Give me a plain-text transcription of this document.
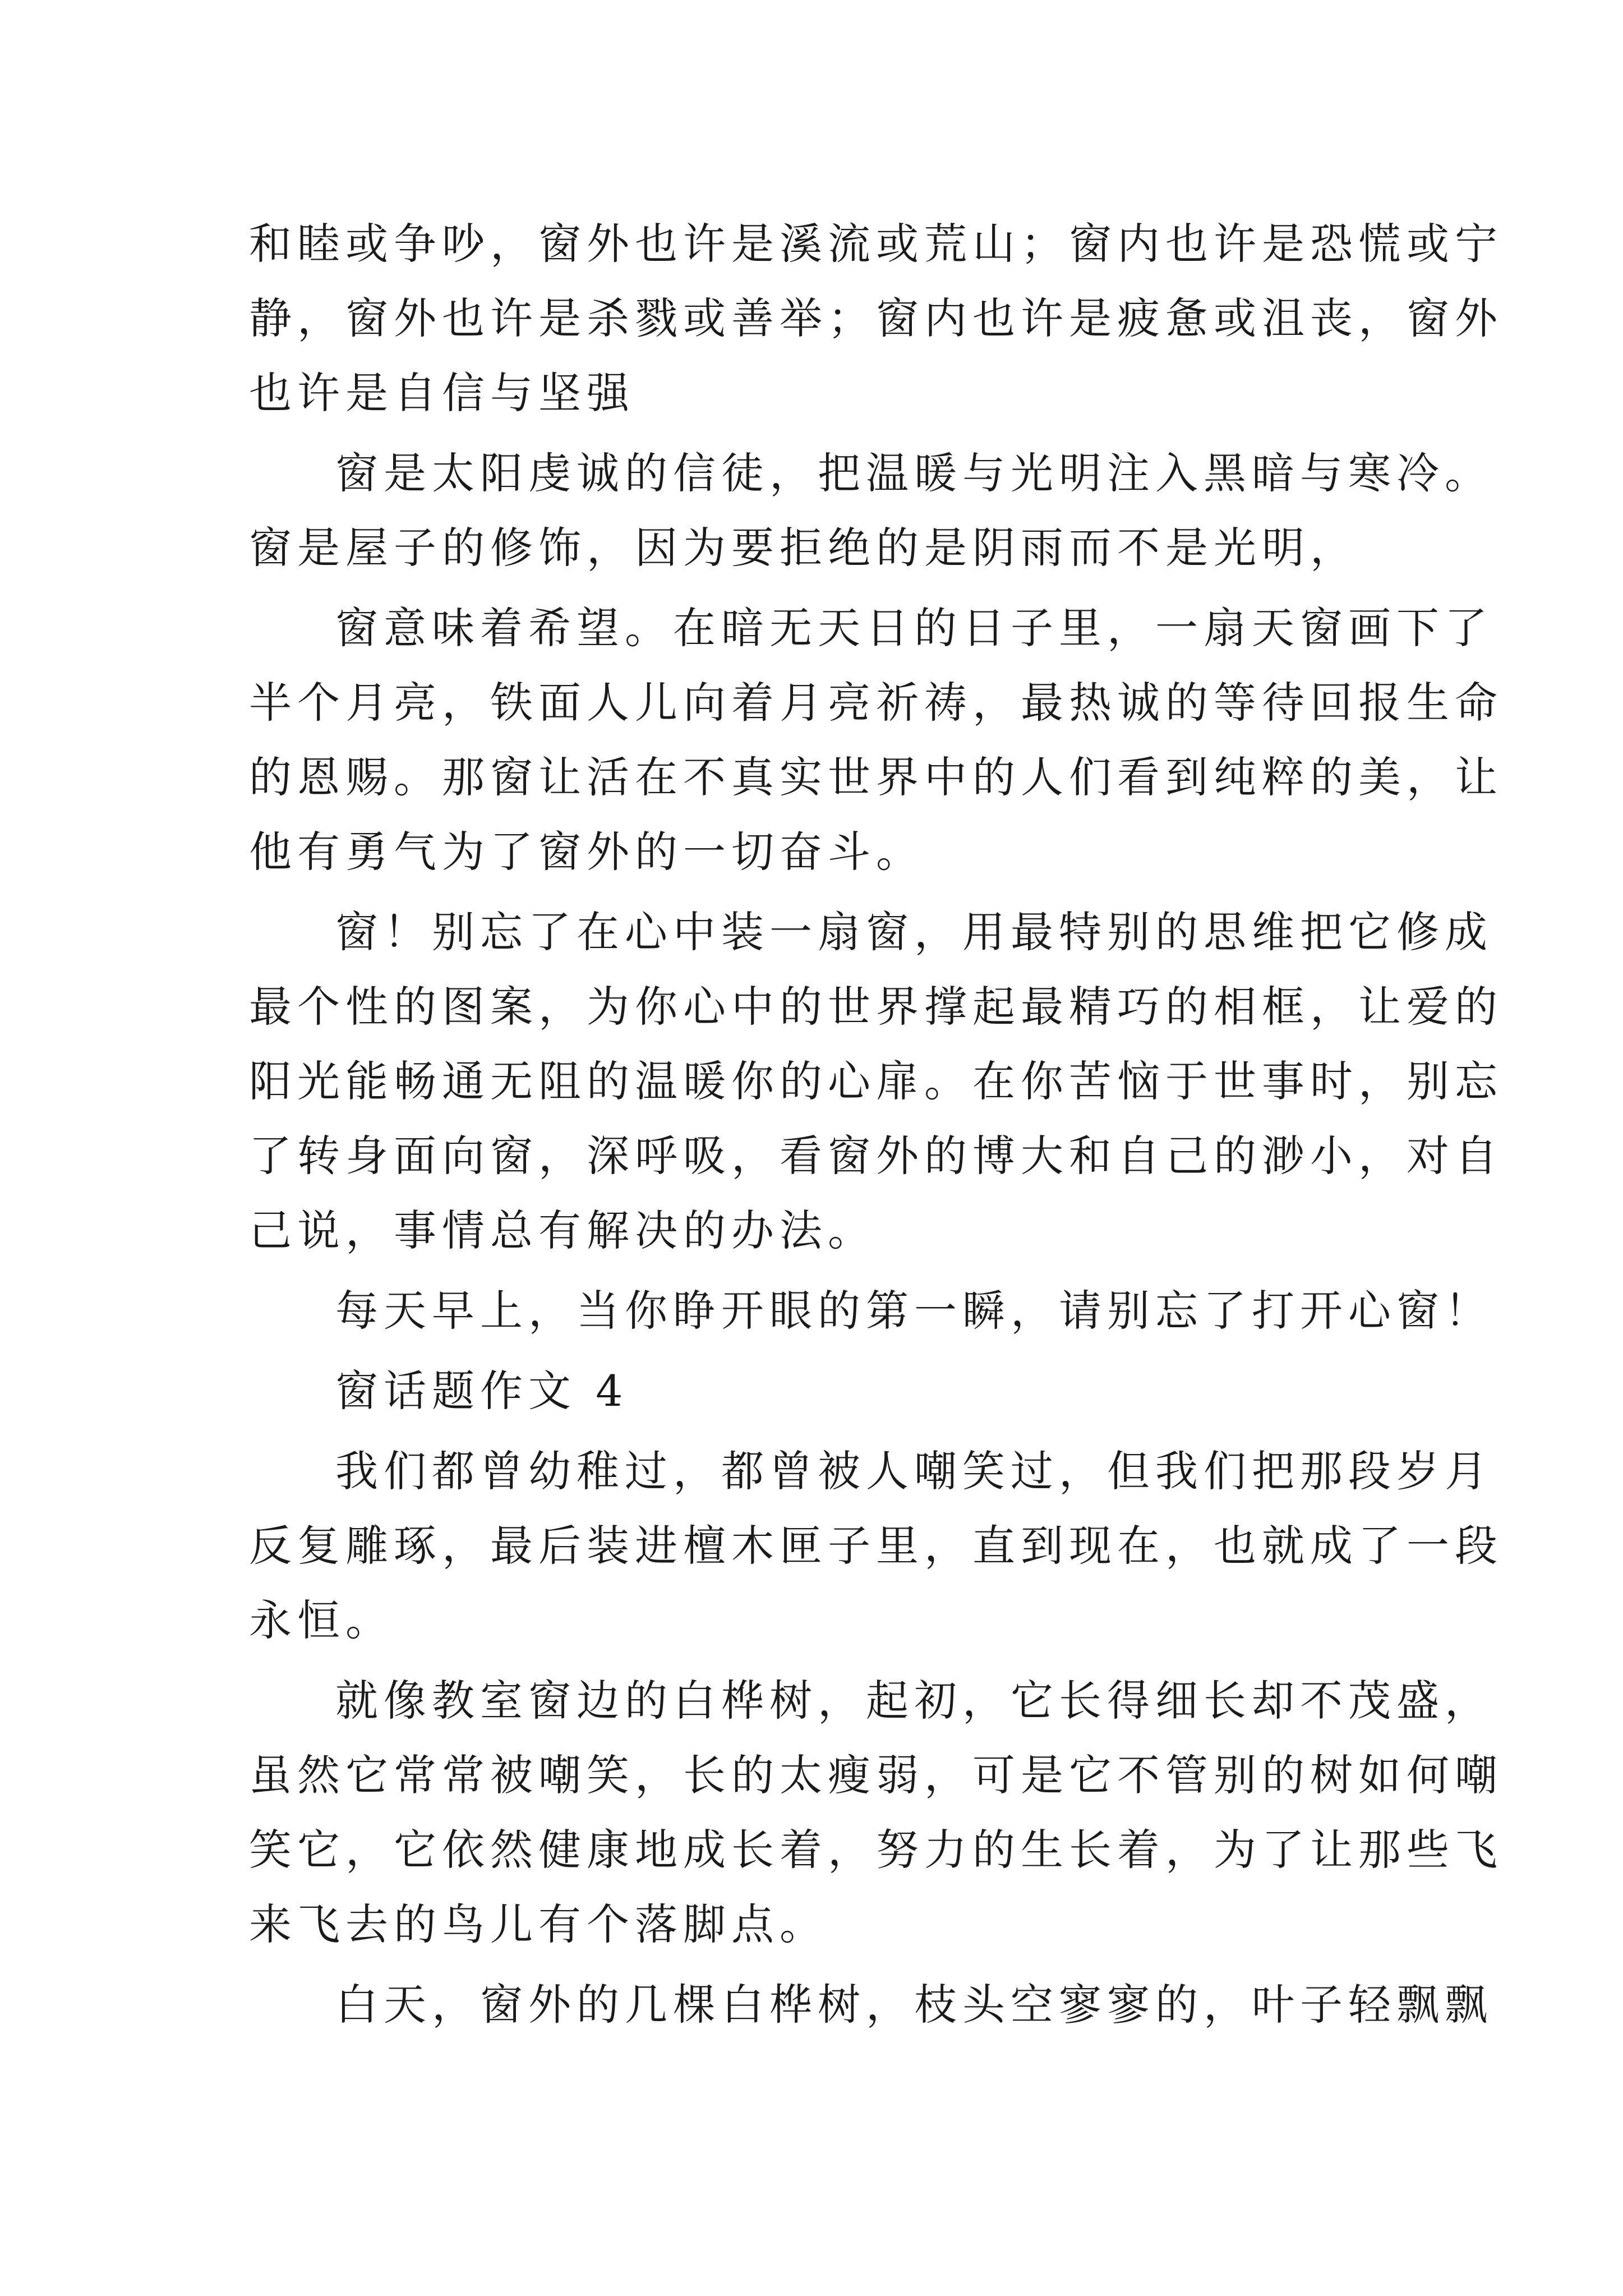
和睦或争吵，窗外也许是溪流或荒山；窗内也许是恐慌或宁
静，窗外也许是杀戮或善举；窗内也许是疲惫或沮丧，窗外
也许是自信与坚强
窗是太阳虔诚的信徒，把温暖与光明注入黑暗与寒冷。
窗是屋子的修饰，因为要拒绝的是阴雨而不是光明，
窗意味着希望。在暗无天日的日子里，一扇天窗画下了
半个月亮，铁面人儿向着月亮祈祷，最热诚的等待回报生命
的恩赐。那窗让活在不真实世界中的人们看到纯粹的美，让
他有勇气为了窗外的一切奋斗。
窗！别忘了在心中装一扇窗，用最特别的思维把它修成
最个性的图案，为你心中的世界撑起最精巧的相框，让爱的
阳光能畅通无阻的温暖你的心扉。在你苦恼于世事时，别忘
了转身面向窗，深呼吸，看窗外的博大和自己的渺小，对自
己说，事情总有解决的办法。
每天早上，当你睁开眼的第一瞬，请别忘了打开心窗！
窗话题作文 4
我们都曾幼稚过，都曾被人嘲笑过，但我们把那段岁月
反复雕琢，最后装进檀木匣子里，直到现在，也就成了一段
永恒。
就像教室窗边的白桦树，起初，它长得细长却不茂盛，
虽然它常常被嘲笑，长的太瘦弱，可是它不管别的树如何嘲
笑它，它依然健康地成长着，努力的生长着，为了让那些飞
来飞去的鸟儿有个落脚点。
白天，窗外的几棵白桦树，枝头空寥寥的，叶子轻飘飘
